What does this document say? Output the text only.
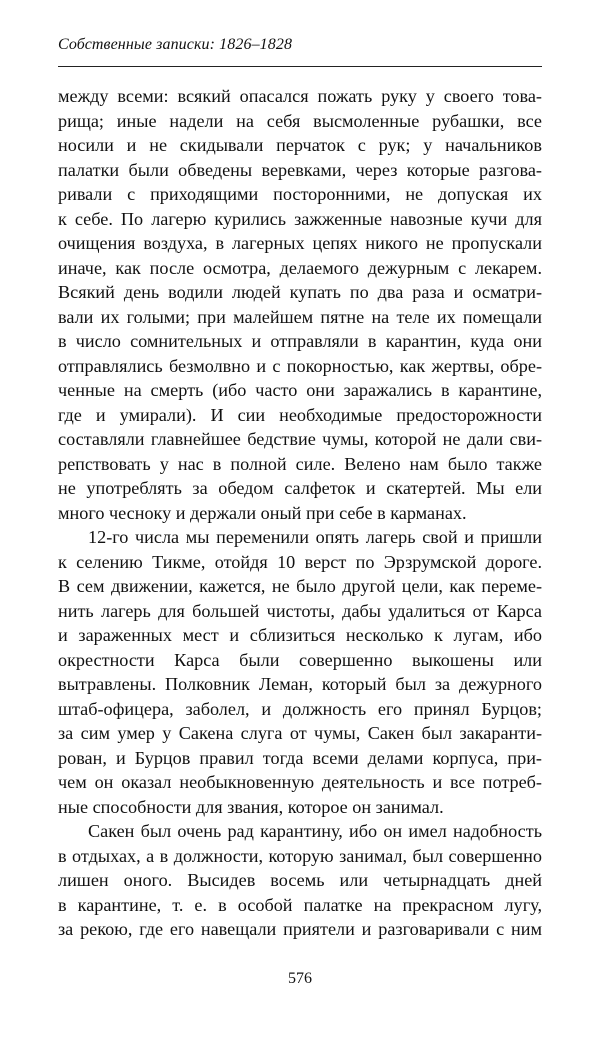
Собственные записки: 1826–1828
между всеми: всякий опасался пожать руку у своего това-
рища; иные надели на себя высмоленные рубашки, все
носили и не скидывали перчаток с рук; у начальников
палатки были обведены веревками, через которые разгова-
ривали с приходящими посторонними, не допуская их
к себе. По лагерю курились зажженные навозные кучи для
очищения воздуха, в лагерных цепях никого не пропускали
иначе, как после осмотра, делаемого дежурным с лекарем.
Всякий день водили людей купать по два раза и осматри-
вали их голыми; при малейшем пятне на теле их помещали
в число сомнительных и отправляли в карантин, куда они
отправлялись безмолвно и с покорностью, как жертвы, обре-
ченные на смерть (ибо часто они заражались в карантине,
где и умирали). И сии необходимые предосторожности
составляли главнейшее бедствие чумы, которой не дали сви-
репствовать у нас в полной силе. Велено нам было также
не употреблять за обедом салфеток и скатертей. Мы ели
много чесноку и держали оный при себе в карманах.
12-го числа мы переменили опять лагерь свой и пришли
к селению Тикме, отойдя 10 верст по Эрзрумской дороге.
В сем движении, кажется, не было другой цели, как переме-
нить лагерь для большей чистоты, дабы удалиться от Карса
и зараженных мест и сблизиться несколько к лугам, ибо
окрестности Карса были совершенно выкошены или
вытравлены. Полковник Леман, который был за дежурного
штаб-офицера, заболел, и должность его принял Бурцов;
за сим умер у Сакена слуга от чумы, Сакен был закаранти-
рован, и Бурцов правил тогда всеми делами корпуса, при-
чем он оказал необыкновенную деятельность и все потреб-
ные способности для звания, которое он занимал.
Сакен был очень рад карантину, ибо он имел надобность
в отдыхах, а в должности, которую занимал, был совершенно
лишен оного. Высидев восемь или четырнадцать дней
в карантине, т. е. в особой палатке на прекрасном лугу,
за рекою, где его навещали приятели и разговаривали с ним
576
